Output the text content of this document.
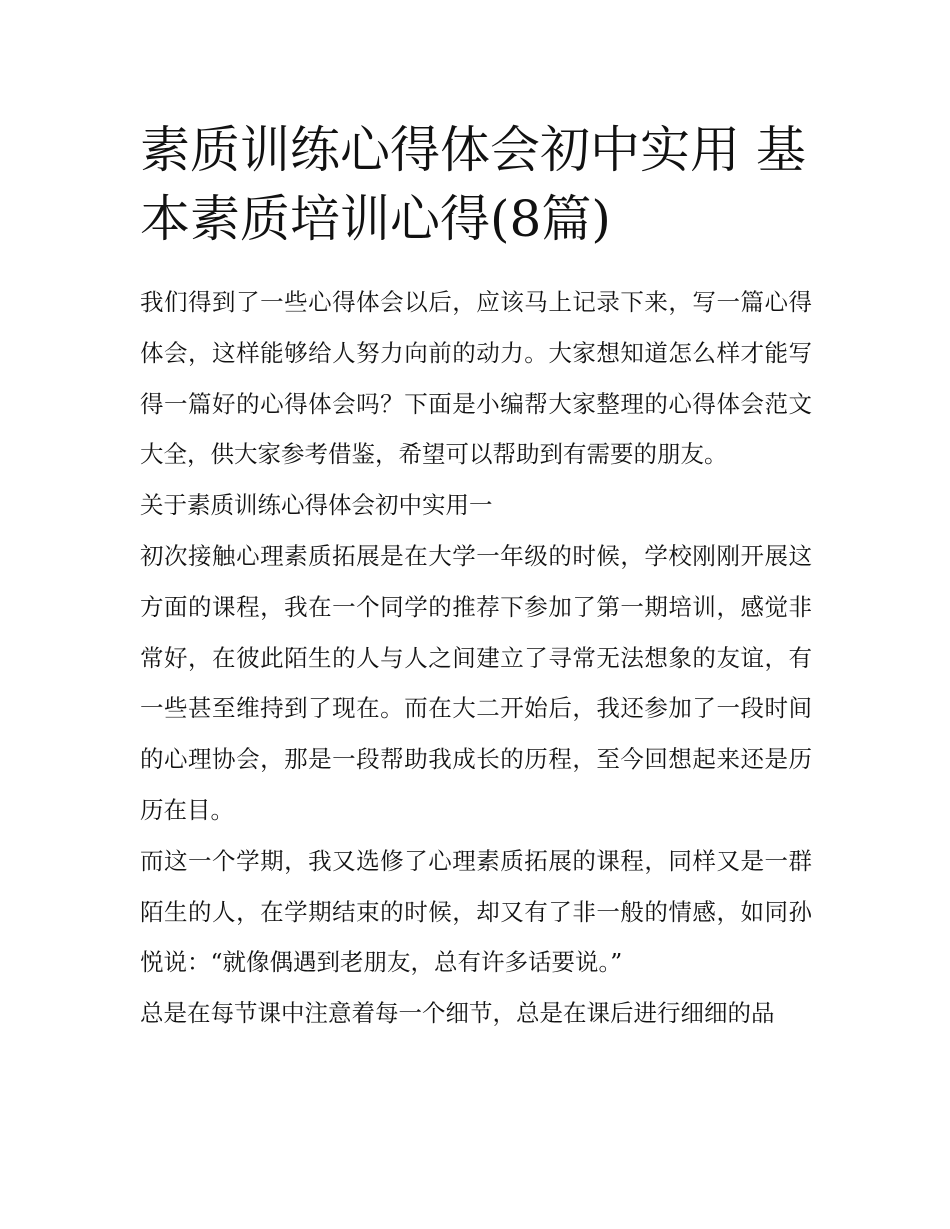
素质训练心得体会初中实用 基本素质培训心得(8篇)

我们得到了一些心得体会以后，应该马上记录下来，写一篇心得体会，这样能够给人努力向前的动力。大家想知道怎么样才能写得一篇好的心得体会吗？下面是小编帮大家整理的心得体会范文大全，供大家参考借鉴，希望可以帮助到有需要的朋友。

关于素质训练心得体会初中实用一

初次接触心理素质拓展是在大学一年级的时候，学校刚刚开展这方面的课程，我在一个同学的推荐下参加了第一期培训，感觉非常好，在彼此陌生的人与人之间建立了寻常无法想象的友谊，有一些甚至维持到了现在。而在大二开始后，我还参加了一段时间的心理协会，那是一段帮助我成长的历程，至今回想起来还是历历在目。

而这一个学期，我又选修了心理素质拓展的课程，同样又是一群陌生的人，在学期结束的时候，却又有了非一般的情感，如同孙悦说：“就像偶遇到老朋友，总有许多话要说。”

总是在每节课中注意着每一个细节，总是在课后进行细细的品
